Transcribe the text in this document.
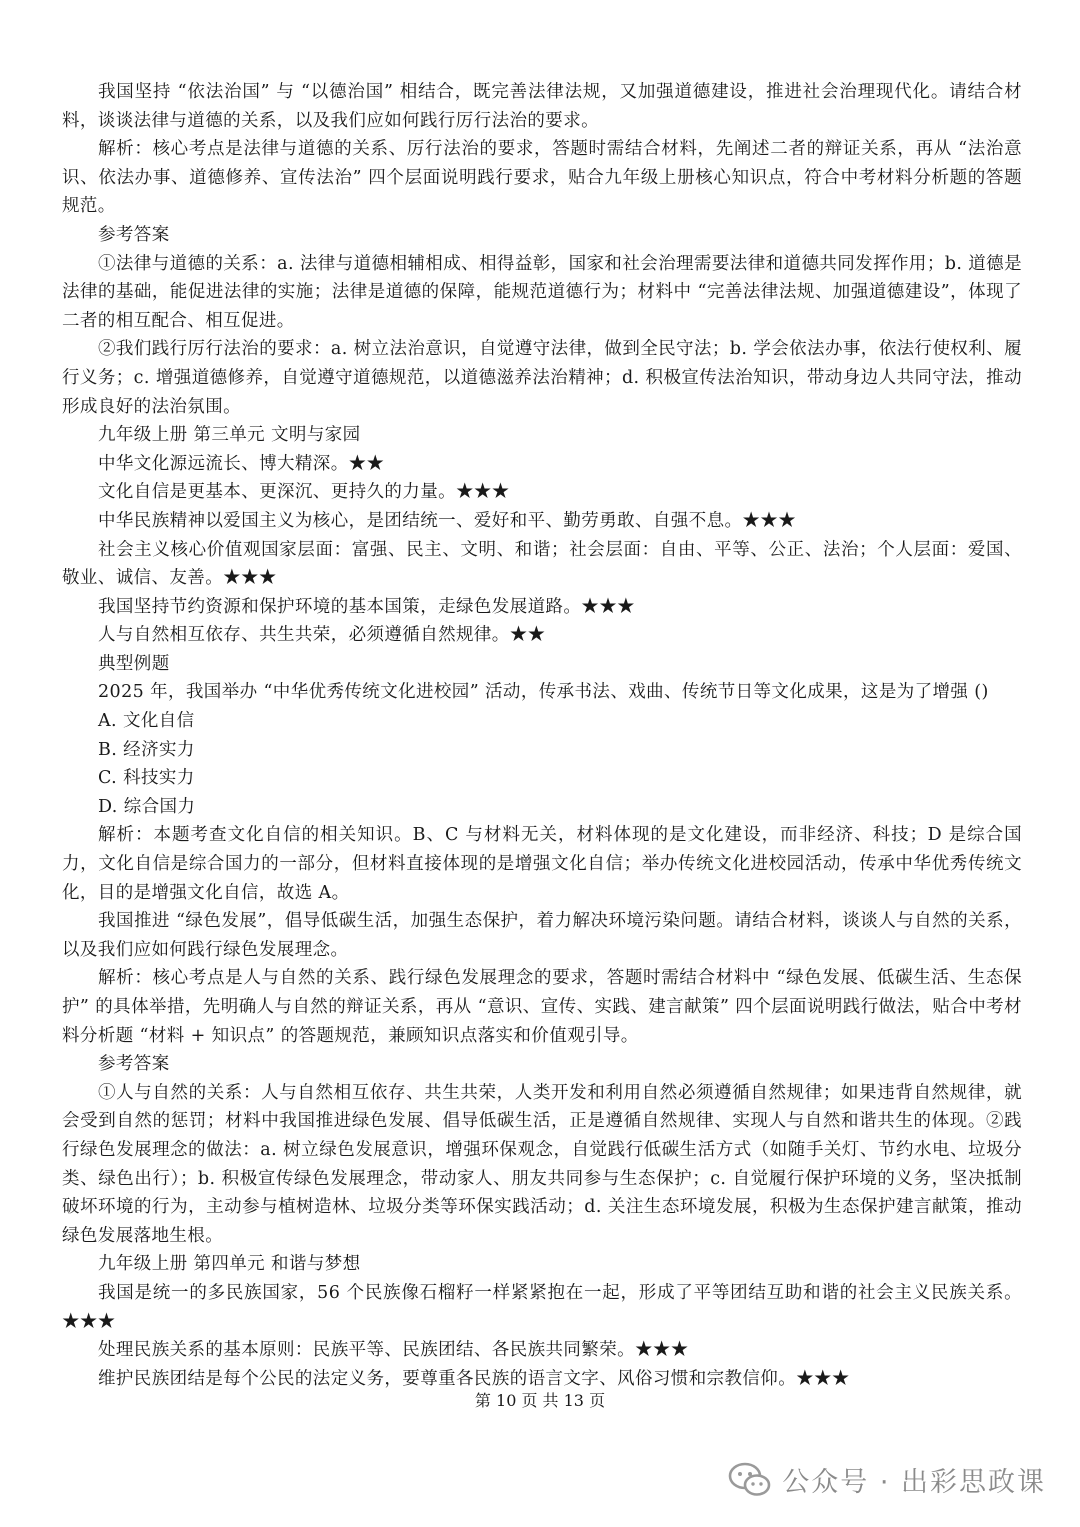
我国坚持 “依法治国” 与 “以德治国” 相结合，既完善法律法规，又加强道德建设，推进社会治理现代化。请结合材料，谈谈法律与道德的关系，以及我们应如何践行厉行法治的要求。

解析：核心考点是法律与道德的关系、厉行法治的要求，答题时需结合材料，先阐述二者的辩证关系，再从 “法治意识、依法办事、道德修养、宣传法治” 四个层面说明践行要求，贴合九年级上册核心知识点，符合中考材料分析题的答题规范。

参考答案

①法律与道德的关系：a. 法律与道德相辅相成、相得益彰，国家和社会治理需要法律和道德共同发挥作用；b. 道德是法律的基础，能促进法律的实施；法律是道德的保障，能规范道德行为；材料中 “完善法律法规、加强道德建设”，体现了二者的相互配合、相互促进。

②我们践行厉行法治的要求：a. 树立法治意识，自觉遵守法律，做到全民守法；b. 学会依法办事，依法行使权利、履行义务；c. 增强道德修养，自觉遵守道德规范，以道德滋养法治精神；d. 积极宣传法治知识，带动身边人共同守法，推动形成良好的法治氛围。

九年级上册 第三单元 文明与家园

中华文化源远流长、博大精深。★★

文化自信是更基本、更深沉、更持久的力量。★★★

中华民族精神以爱国主义为核心，是团结统一、爱好和平、勤劳勇敢、自强不息。★★★

社会主义核心价值观国家层面：富强、民主、文明、和谐；社会层面：自由、平等、公正、法治；个人层面：爱国、敬业、诚信、友善。★★★

我国坚持节约资源和保护环境的基本国策，走绿色发展道路。★★★

人与自然相互依存、共生共荣，必须遵循自然规律。★★

典型例题

2025 年，我国举办 “中华优秀传统文化进校园” 活动，传承书法、戏曲、传统节日等文化成果，这是为了增强 ()

A. 文化自信

B. 经济实力

C. 科技实力

D. 综合国力

解析：本题考查文化自信的相关知识。B、C 与材料无关，材料体现的是文化建设，而非经济、科技；D 是综合国力，文化自信是综合国力的一部分，但材料直接体现的是增强文化自信；举办传统文化进校园活动，传承中华优秀传统文化，目的是增强文化自信，故选 A。

我国推进 “绿色发展”，倡导低碳生活，加强生态保护，着力解决环境污染问题。请结合材料，谈谈人与自然的关系，以及我们应如何践行绿色发展理念。

解析：核心考点是人与自然的关系、践行绿色发展理念的要求，答题时需结合材料中 “绿色发展、低碳生活、生态保护” 的具体举措，先明确人与自然的辩证关系，再从 “意识、宣传、实践、建言献策” 四个层面说明践行做法，贴合中考材料分析题 “材料 + 知识点” 的答题规范，兼顾知识点落实和价值观引导。

参考答案

①人与自然的关系：人与自然相互依存、共生共荣，人类开发和利用自然必须遵循自然规律；如果违背自然规律，就会受到自然的惩罚；材料中我国推进绿色发展、倡导低碳生活，正是遵循自然规律、实现人与自然和谐共生的体现。②践行绿色发展理念的做法：a. 树立绿色发展意识，增强环保观念，自觉践行低碳生活方式（如随手关灯、节约水电、垃圾分类、绿色出行）；b. 积极宣传绿色发展理念，带动家人、朋友共同参与生态保护；c. 自觉履行保护环境的义务，坚决抵制破坏环境的行为，主动参与植树造林、垃圾分类等环保实践活动；d. 关注生态环境发展，积极为生态保护建言献策，推动绿色发展落地生根。

九年级上册 第四单元 和谐与梦想

我国是统一的多民族国家，56 个民族像石榴籽一样紧紧抱在一起，形成了平等团结互助和谐的社会主义民族关系。★★★

处理民族关系的基本原则：民族平等、民族团结、各民族共同繁荣。★★★

维护民族团结是每个公民的法定义务，要尊重各民族的语言文字、风俗习惯和宗教信仰。★★★

第 10 页 共 13 页
公众号 · 出彩思政课
